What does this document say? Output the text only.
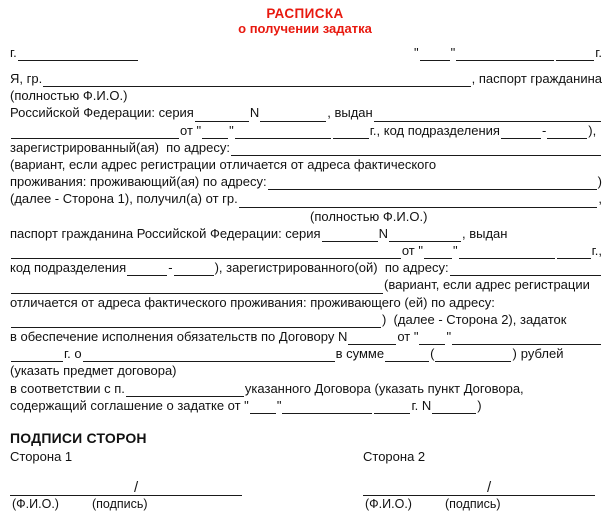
РАСПИСКА
о получении задатка
г.	" "	г.
Я, гр.	, паспорт гражданина
(полностью Ф.И.О.)
Российской Федерации: серия	N	, выдан
от " "	г., код подразделения	-	),
зарегистрированный(ая)  по адресу:
(вариант, если адрес регистрации отличается от адреса фактического
проживания: проживающий(ая) по адресу:	)
(далее - Сторона 1), получил(а) от гр.	,
(полностью Ф.И.О.)
паспорт гражданина Российской Федерации: серия	N	, выдан
от " "	г.,
код подразделения	-	), зарегистрированного(ой)  по адресу:
(вариант, если адрес регистрации
отличается от адреса фактического проживания: проживающего (ей) по адресу:
)  (далее - Сторона 2), задаток
в обеспечение исполнения обязательств по Договору N	от " "
г. о	в сумме	(	) рублей
(указать предмет договора)
в соответствии с п.	указанного Договора (указать пункт Договора,
содержащий соглашение о задатке от " "	г. N	)
ПОДПИСИ СТОРОН
Сторона 1
/
(Ф.И.О.)	(подпись)
Сторона 2
/
(Ф.И.О.)	(подпись)
